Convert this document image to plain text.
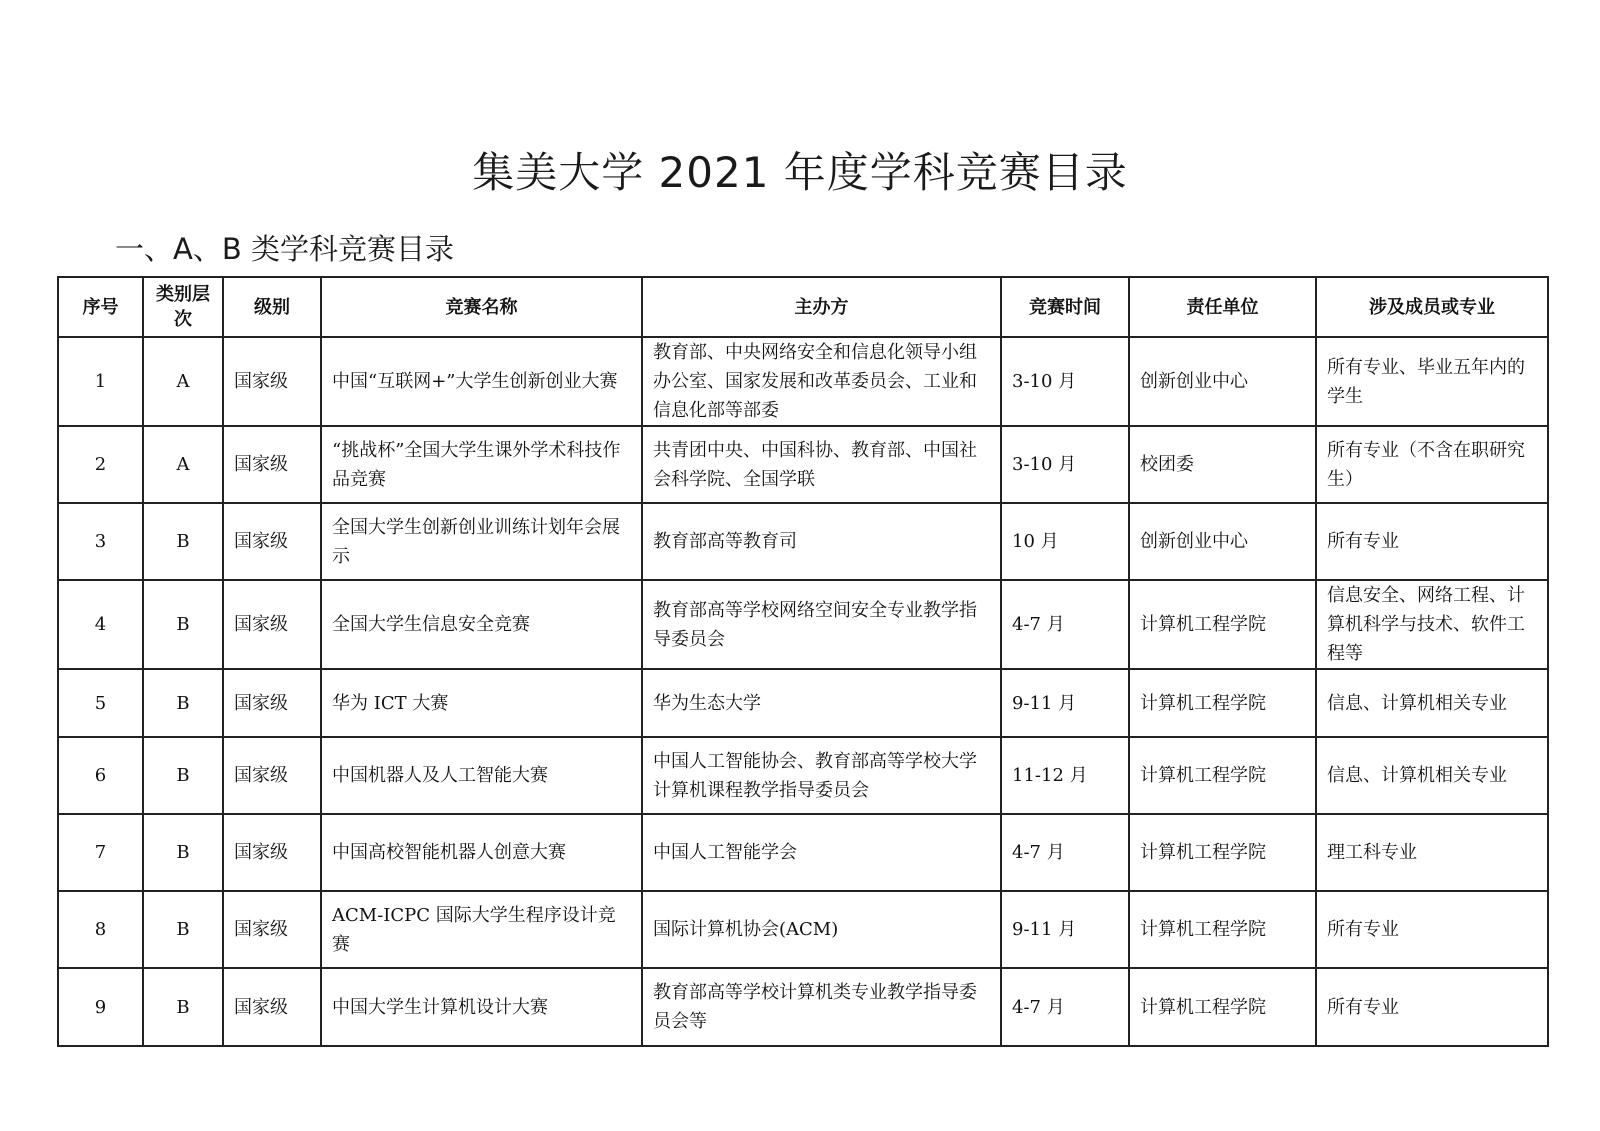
集美大学 2021 年度学科竞赛目录
一、A、B 类学科竞赛目录
序号	类别层次	级别	竞赛名称	主办方	竞赛时间	责任单位	涉及成员或专业
1	A	国家级	中国“互联网+”大学生创新创业大赛	教育部、中央网络安全和信息化领导小组办公室、国家发展和改革委员会、工业和信息化部等部委	3-10 月	创新创业中心	所有专业、毕业五年内的学生
2	A	国家级	“挑战杯”全国大学生课外学术科技作品竞赛	共青团中央、中国科协、教育部、中国社会科学院、全国学联	3-10 月	校团委	所有专业（不含在职研究生）
3	B	国家级	全国大学生创新创业训练计划年会展示	教育部高等教育司	10 月	创新创业中心	所有专业
4	B	国家级	全国大学生信息安全竞赛	教育部高等学校网络空间安全专业教学指导委员会	4-7 月	计算机工程学院	信息安全、网络工程、计算机科学与技术、软件工程等
5	B	国家级	华为 ICT 大赛	华为生态大学	9-11 月	计算机工程学院	信息、计算机相关专业
6	B	国家级	中国机器人及人工智能大赛	中国人工智能协会、教育部高等学校大学计算机课程教学指导委员会	11-12 月	计算机工程学院	信息、计算机相关专业
7	B	国家级	中国高校智能机器人创意大赛	中国人工智能学会	4-7 月	计算机工程学院	理工科专业
8	B	国家级	ACM-ICPC 国际大学生程序设计竞赛	国际计算机协会(ACM)	9-11 月	计算机工程学院	所有专业
9	B	国家级	中国大学生计算机设计大赛	教育部高等学校计算机类专业教学指导委员会等	4-7 月	计算机工程学院	所有专业
